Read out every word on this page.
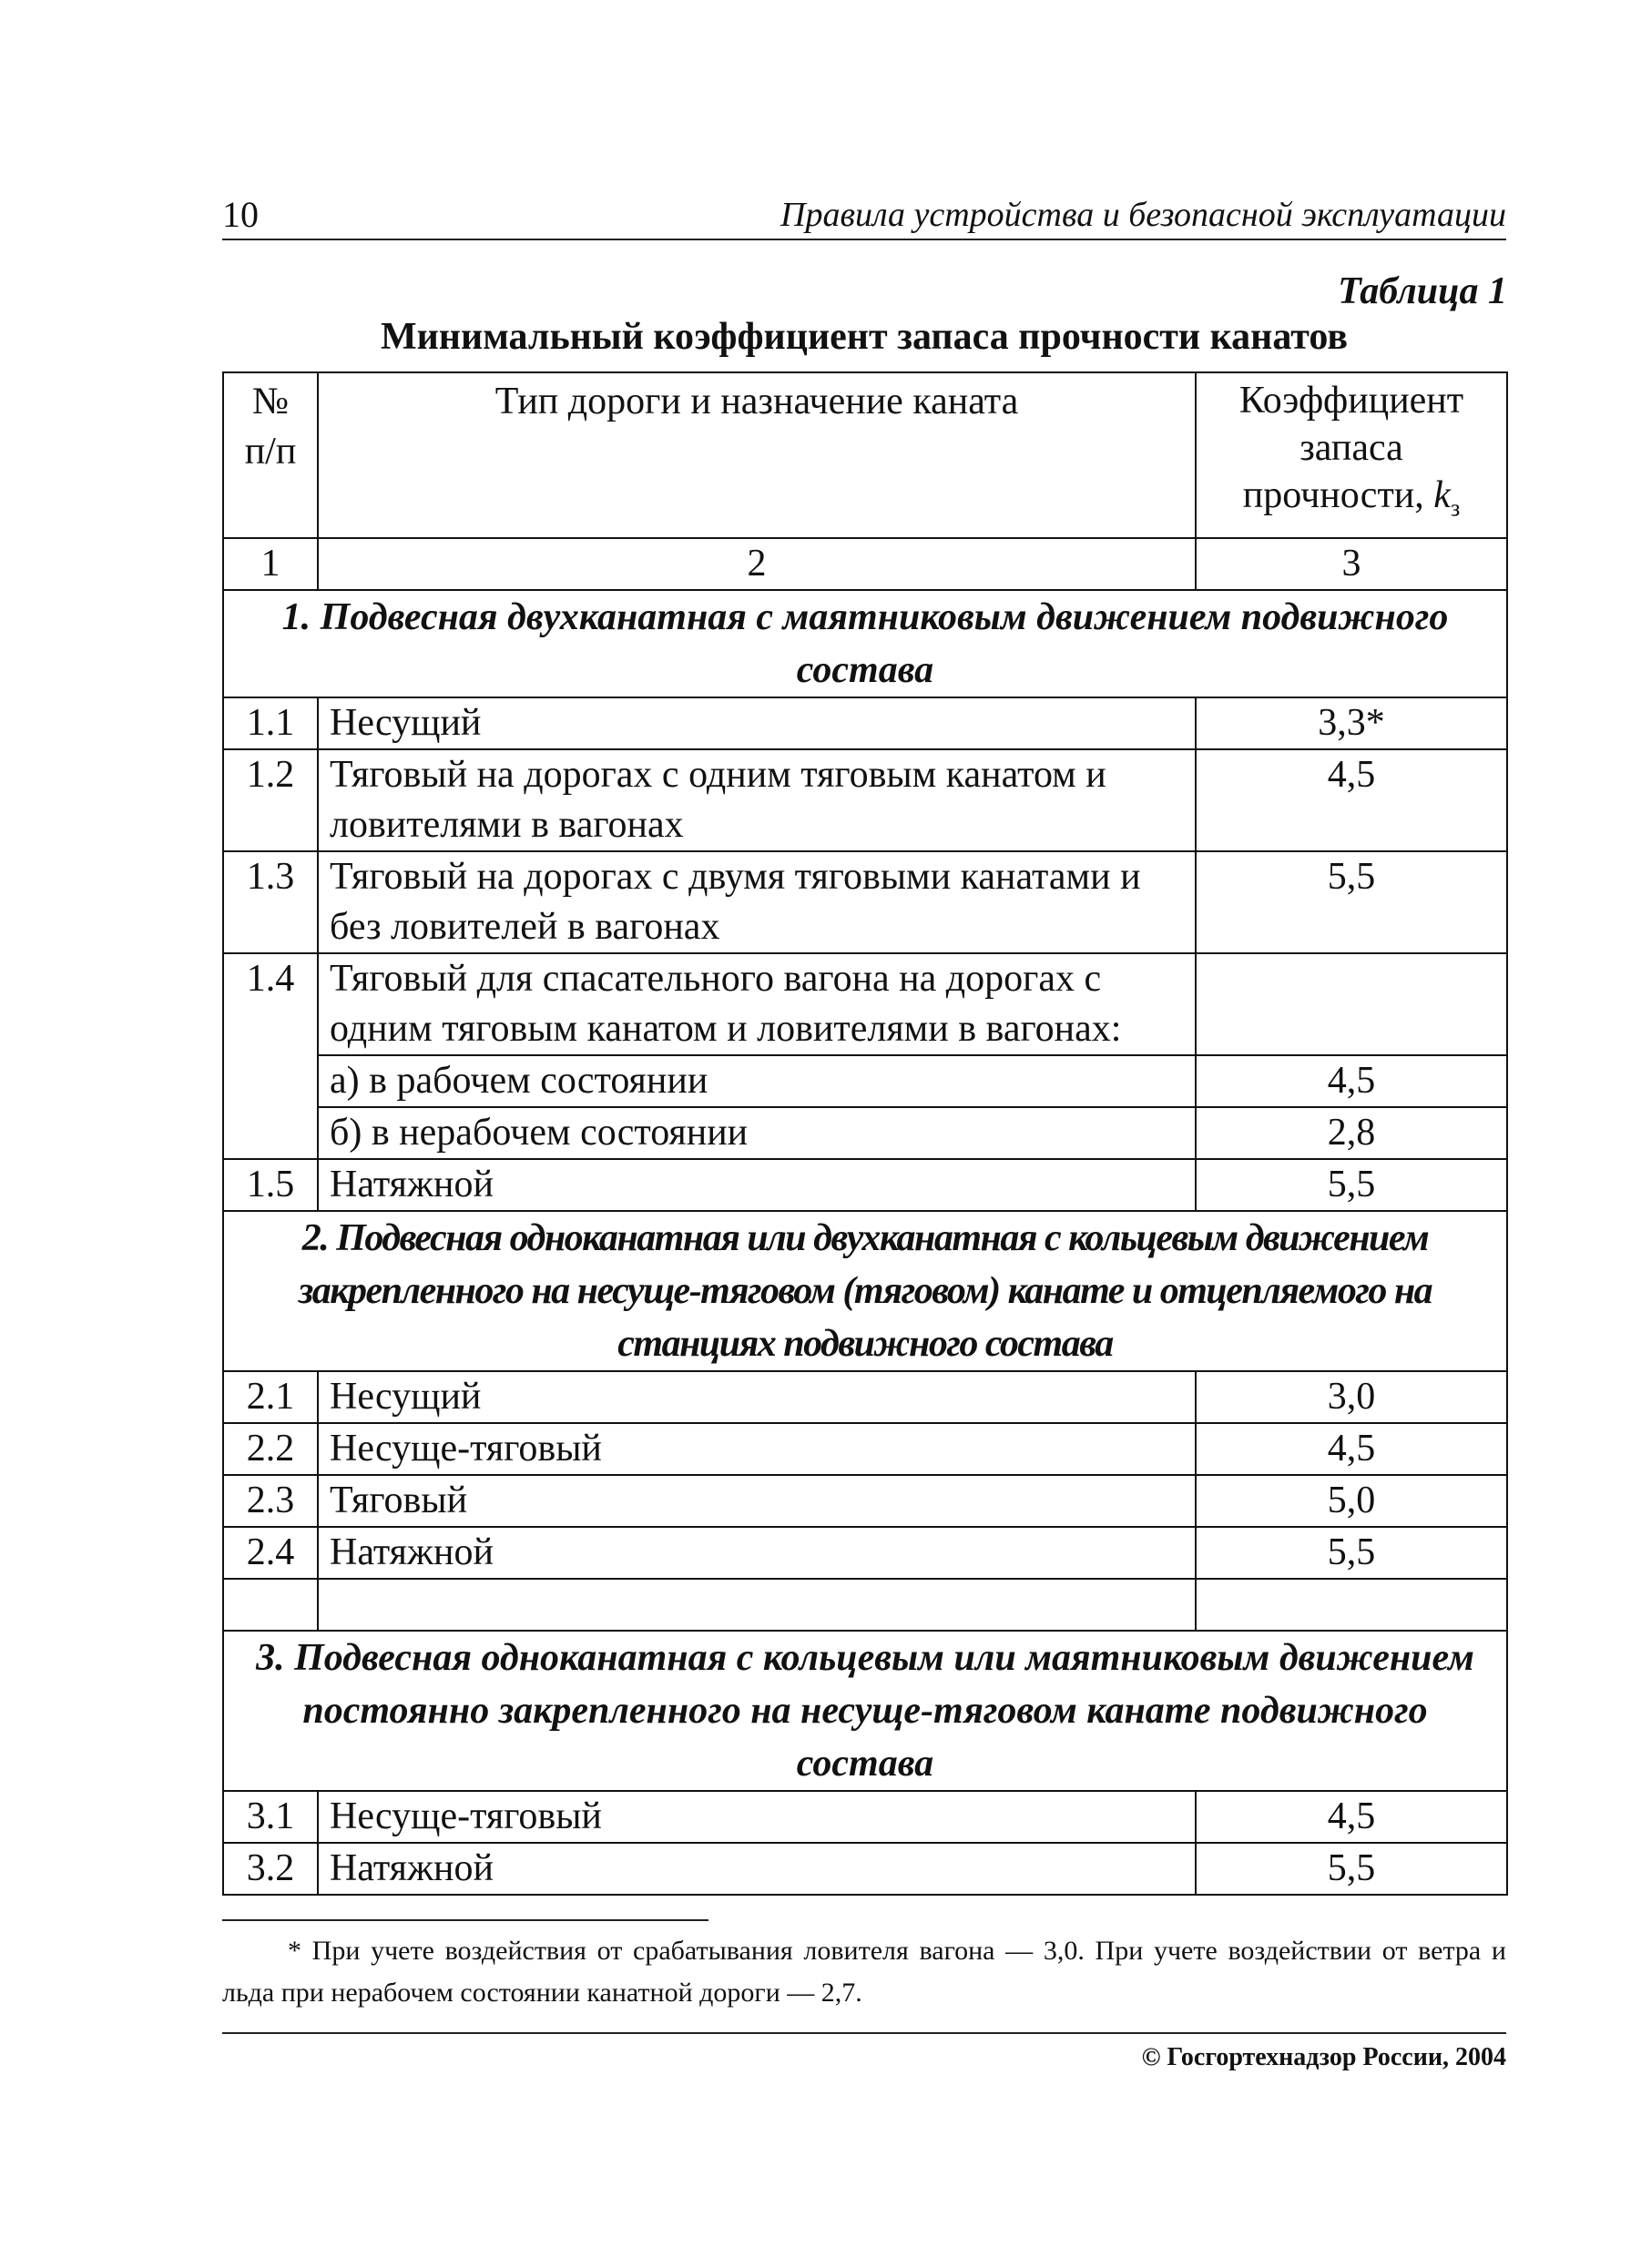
10	Правила устройства и безопасной эксплуатации
Таблица 1
Минимальный коэффициент запаса прочности канатов
№ п/п	Тип дороги и назначение каната	Коэффициент запаса прочности, $k_з$
1	2	3
1. Подвесная двухканатная с маятниковым движением подвижного состава		
1.1	Несущий	3,3*
1.2	Тяговый на дорогах с одним тяговым канатом и ловителями в вагонах	4,5
1.3	Тяговый на дорогах с двумя тяговыми канатами и без ловителей в вагонах	5,5
1.4	Тяговый для спасательного вагона на дорогах с одним тяговым канатом и ловителями в вагонах:	
	а) в рабочем состоянии	4,5
	б) в нерабочем состоянии	2,8
1.5	Натяжной	5,5
2. Подвесная одноканатная или двухканатная с кольцевым движением закрепленного на несуще-тяговом (тяговом) канате и отцепляемого на станциях подвижного состава		
2.1	Несущий	3,0
2.2	Несуще-тяговый	4,5
2.3	Тяговый	5,0
2.4	Натяжной	5,5

3. Подвесная одноканатная с кольцевым или маятниковым движением постоянно закрепленного на несуще-тяговом канате подвижного состава		
3.1	Несуще-тяговый	4,5
3.2	Натяжной	5,5
* При учете воздействия от срабатывания ловителя вагона — 3,0. При учете воздействии от ветра и льда при нерабочем состоянии канатной дороги — 2,7.
© Госгортехнадзор России, 2004
